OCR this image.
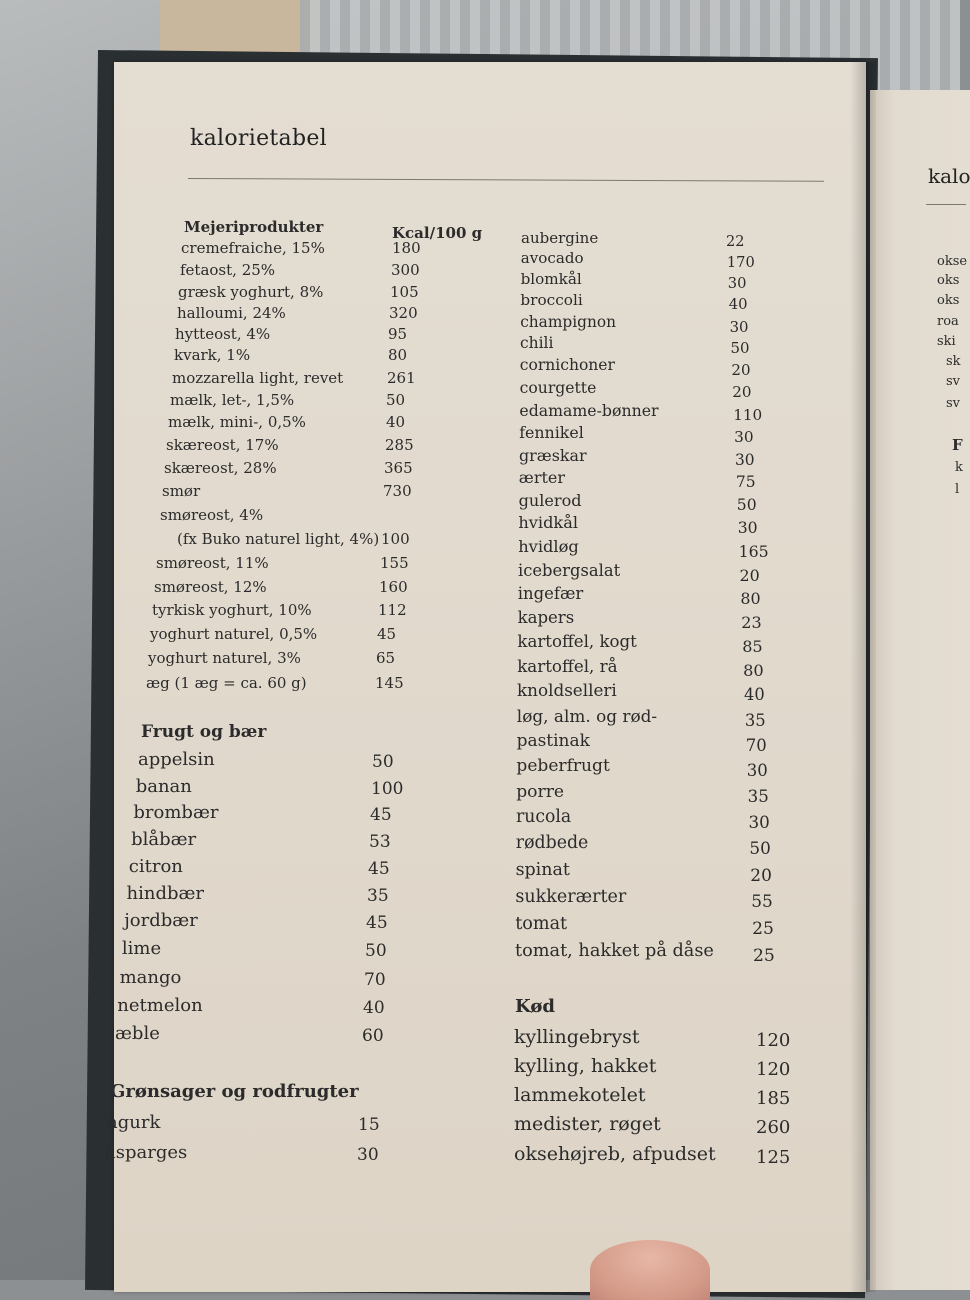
kalorietabel
kalo
Mejeriprodukter	Kcal/100 g
cremefraiche, 15%	180
fetaost, 25%	300
græsk yoghurt, 8%	105
halloumi, 24%	320
hytteost, 4%	95
kvark, 1%	80
mozzarella light, revet	261
mælk, let-, 1,5%	50
mælk, mini-, 0,5%	40
skæreost, 17%	285
skæreost, 28%	365
smør	730
smøreost, 4%
(fx Buko naturel light, 4%) 100
smøreost, 11%	155
smøreost, 12%	160
tyrkisk yoghurt, 10%	112
yoghurt naturel, 0,5%	45
yoghurt naturel, 3%	65
æg (1 æg = ca. 60 g)	145
Frugt og bær
appelsin	50
banan	100
brombær	45
blåbær	53
citron	45
hindbær	35
jordbær	45
lime	50
mango	70
netmelon	40
æble	60
Grønsager og rodfrugter
agurk	15
asparges	30
aubergine	22
avocado	170
blomkål	30
broccoli	40
champignon	30
chili	50
cornichoner	20
courgette	20
edamame-bønner	110
fennikel	30
græskar	30
ærter	75
gulerod	50
hvidkål	30
hvidløg	165
icebergsalat	20
ingefær	80
kapers	23
kartoffel, kogt	85
kartoffel, rå	80
knoldselleri	40
løg, alm. og rød-	35
pastinak	70
peberfrugt	30
porre	35
rucola	30
rødbede	50
spinat	20
sukkerærter	55
tomat	25
tomat, hakket på dåse 25
Kød
kyllingebryst	120
kylling, hakket	120
lammekotelet	185
medister, røget	260
oksehøjreb, afpudset 125
okse
oks
oks
roa
ski
sk
sv
sv
F
k
l
